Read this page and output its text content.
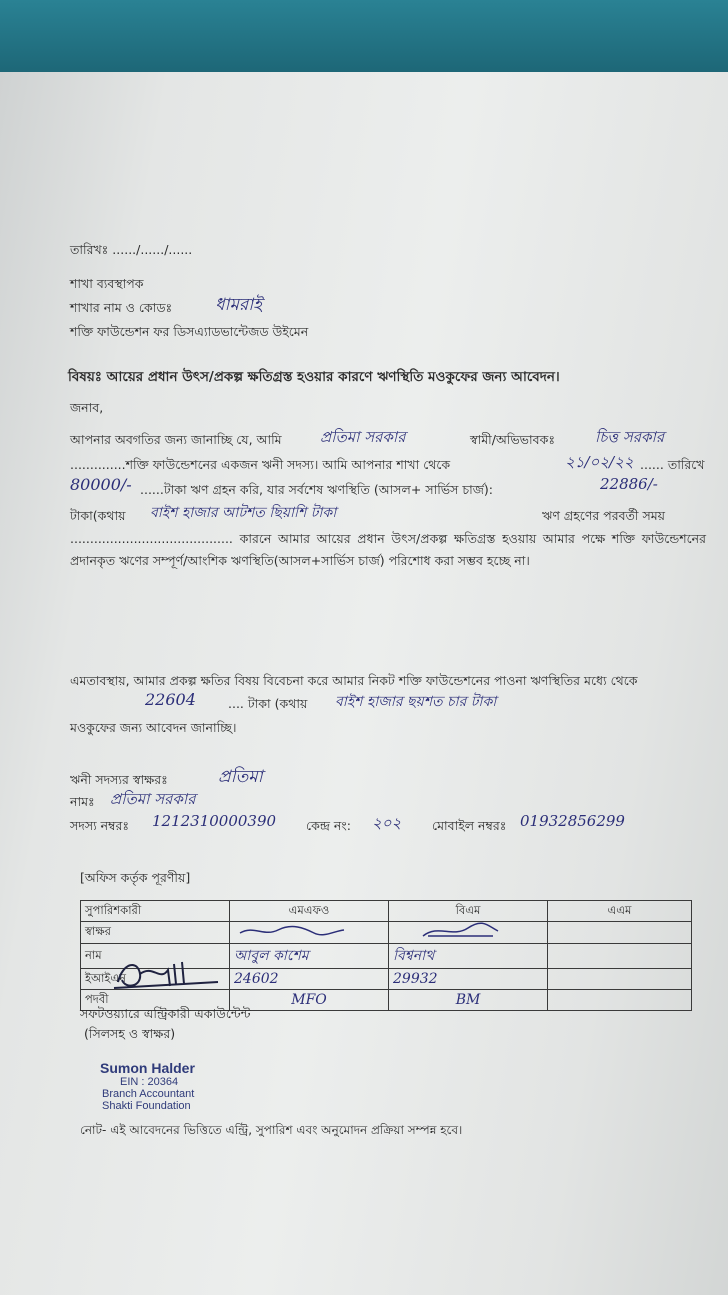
তারিখঃ ....../....../......
শাখা ব্যবস্থাপক
শাখার নাম ও কোডঃ	ধামরাই
শক্তি ফাউন্ডেশন ফর ডিসএ্যাডভান্টেজড উইমেন
বিষয়ঃ আয়ের প্রধান উৎস/প্রকল্প ক্ষতিগ্রস্ত হওয়ার কারণে ঋণস্থিতি মওকুফের জন্য আবেদন।
জনাব,
আপনার অবগতির জন্য জানাচ্ছি যে, আমি	প্রতিমা সরকার	স্বামী/অভিভাবকঃ	চিত্ত সরকার
..............শক্তি ফাউন্ডেশনের একজন ঋনী সদস্য। আমি আপনার শাখা থেকে	২১/০২/২২ ...... তারিখে
80000/- ......টাকা ঋণ গ্রহন করি, যার সর্বশেষ ঋণস্থিতি (আসল+ সার্ভিস চার্জ):	22886/-
টাকা(কথায় বাইশ হাজার আটশত ছিয়াশি টাকা	ঋণ গ্রহণের পরবর্তী সময়
......................................... কারনে আমার আয়ের প্রধান উৎস/প্রকল্প ক্ষতিগ্রস্ত হওয়ায় আমার পক্ষে শক্তি ফাউন্ডেশনের প্রদানকৃত ঋণের সম্পূর্ণ/আংশিক ঋণস্থিতি(আসল+সার্ভিস চার্জ) পরিশোধ করা সম্ভব হচ্ছে না।
এমতাবস্থায়, আমার প্রকল্প ক্ষতির বিষয় বিবেচনা করে আমার নিকট শক্তি ফাউন্ডেশনের পাওনা ঋণস্থিতির মধ্যে থেকে
22604	.... টাকা (কথায় বাইশ হাজার ছয়শত চার টাকা
মওকুফের জন্য আবেদন জানাচ্ছি।
ঋনী সদস্যর স্বাক্ষরঃ	প্রতিমা
নামঃ প্রতিমা সরকার
সদস্য নম্বরঃ 1212310000390 কেন্দ্র নং: ২০২ মোবাইল নম্বরঃ 01932856299
[অফিস কর্তৃক পূরণীয়]
সুপারিশকারী	এমএফও	বিএম	এএম
স্বাক্ষর			
নাম	আবুল কাশেম	বিশ্বনাথ	
ইআইএন	24602	29932	
পদবী	MFO	BM	
সফটওয়্যারে এন্ট্রিকারী একাউন্টেন্ট
(সিলসহ ও স্বাক্ষর)
Sumon Halder
EIN : 20364
Branch Accountant
Shakti Foundation
নোট- এই আবেদনের ভিত্তিতে এন্ট্রি, সুপারিশ এবং অনুমোদন প্রক্রিয়া সম্পন্ন হবে।
